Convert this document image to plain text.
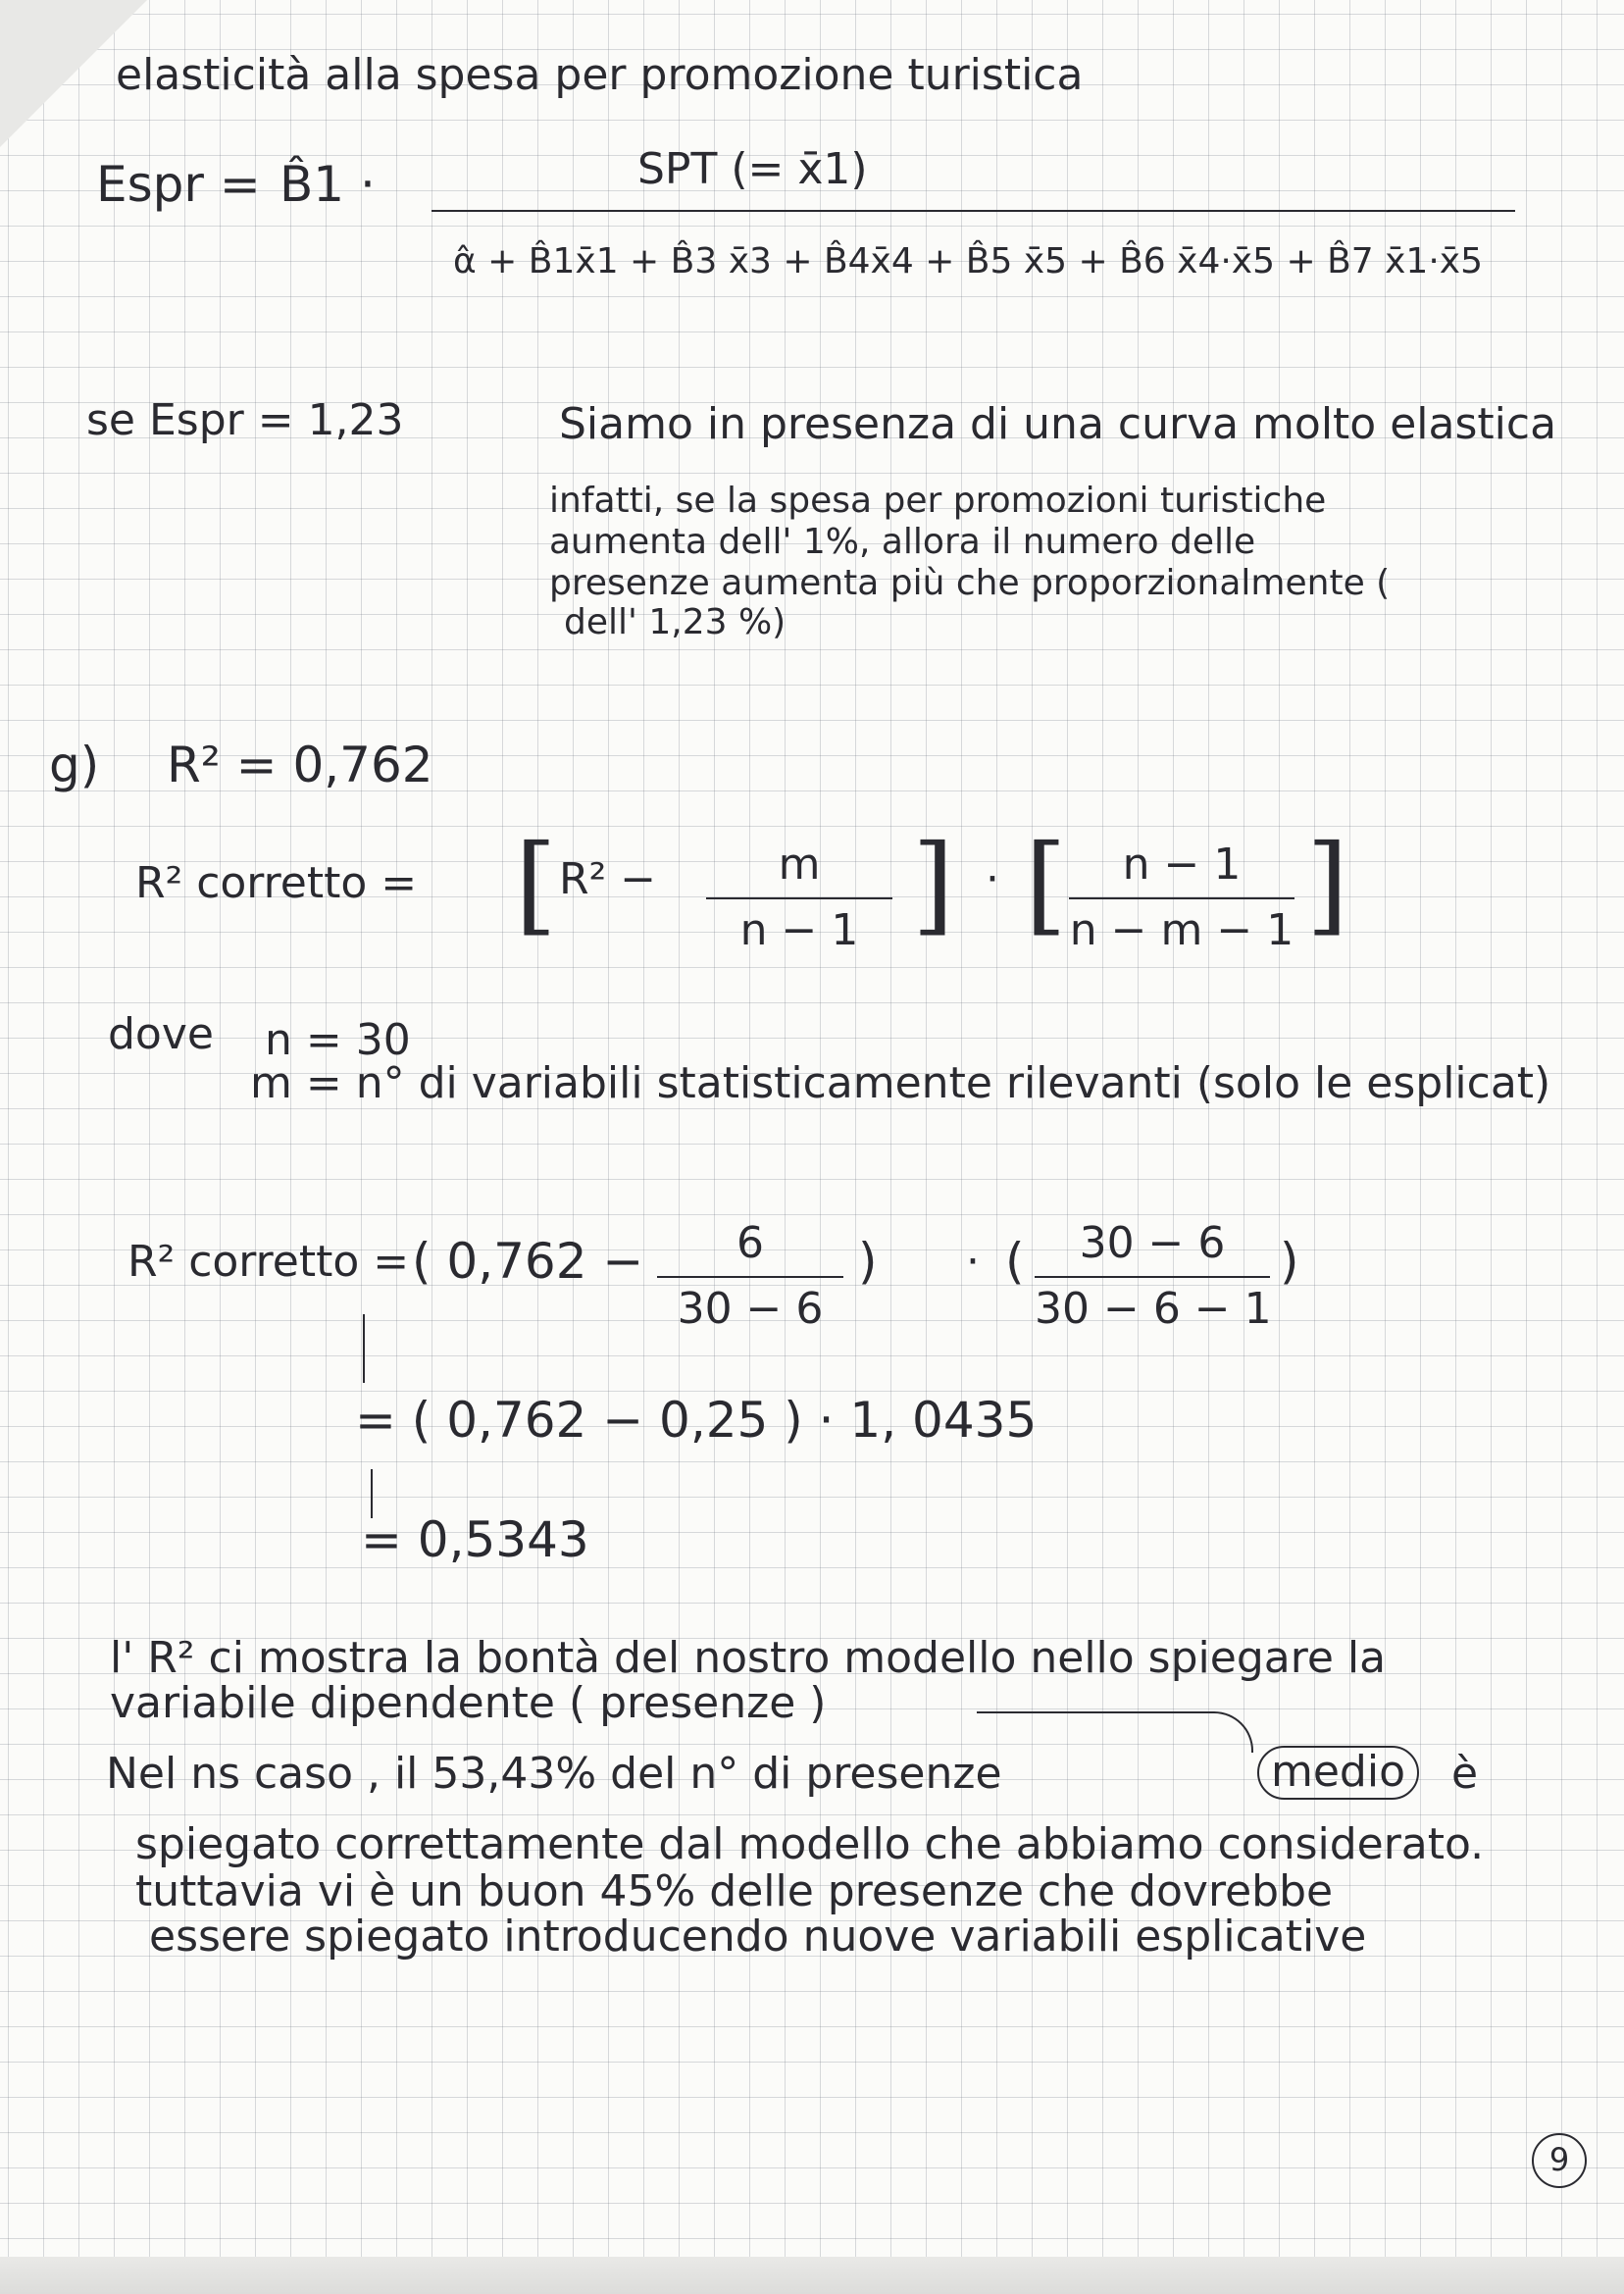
elasticità alla spesa per promozione turistica
Espr = B̂1 ·	SPT (= x̄1)
α̂ + B̂1x̄1 + B̂3 x̄3 + B̂4x̄4 + B̂5 x̄5 + B̂6 x̄4·x̄5 + B̂7 x̄1·x̄5
se Espr = 1,23	Siamo in presenza di una curva molto elastica
infatti, se la spesa per promozioni turistiche
aumenta dell' 1%, allora il numero delle
presenze aumenta più che proporzionalmente (
dell' 1,23 %)
g) R² = 0,762
R² corretto = [ R² −	m
n − 1 ] · [	n − 1
n − m − 1 ]
dove n = 30
m = n° di variabili statisticamente rilevanti (solo le esplicat)
R² corretto = ( 0,762 −	6
30 − 6
) · (	30 − 6
30 − 6 − 1
)
= ( 0,762 − 0,25 ) · 1, 0435
= 0,5343
l' R² ci mostra la bontà del nostro modello nello spiegare la
variabile dipendente ( presenze )
Nel ns caso , il 53,43% del n° di presenze	medio	è
spiegato correttamente dal modello che abbiamo considerato.
tuttavia vi è un buon 45% delle presenze che dovrebbe
essere spiegato introducendo nuove variabili esplicative
9
